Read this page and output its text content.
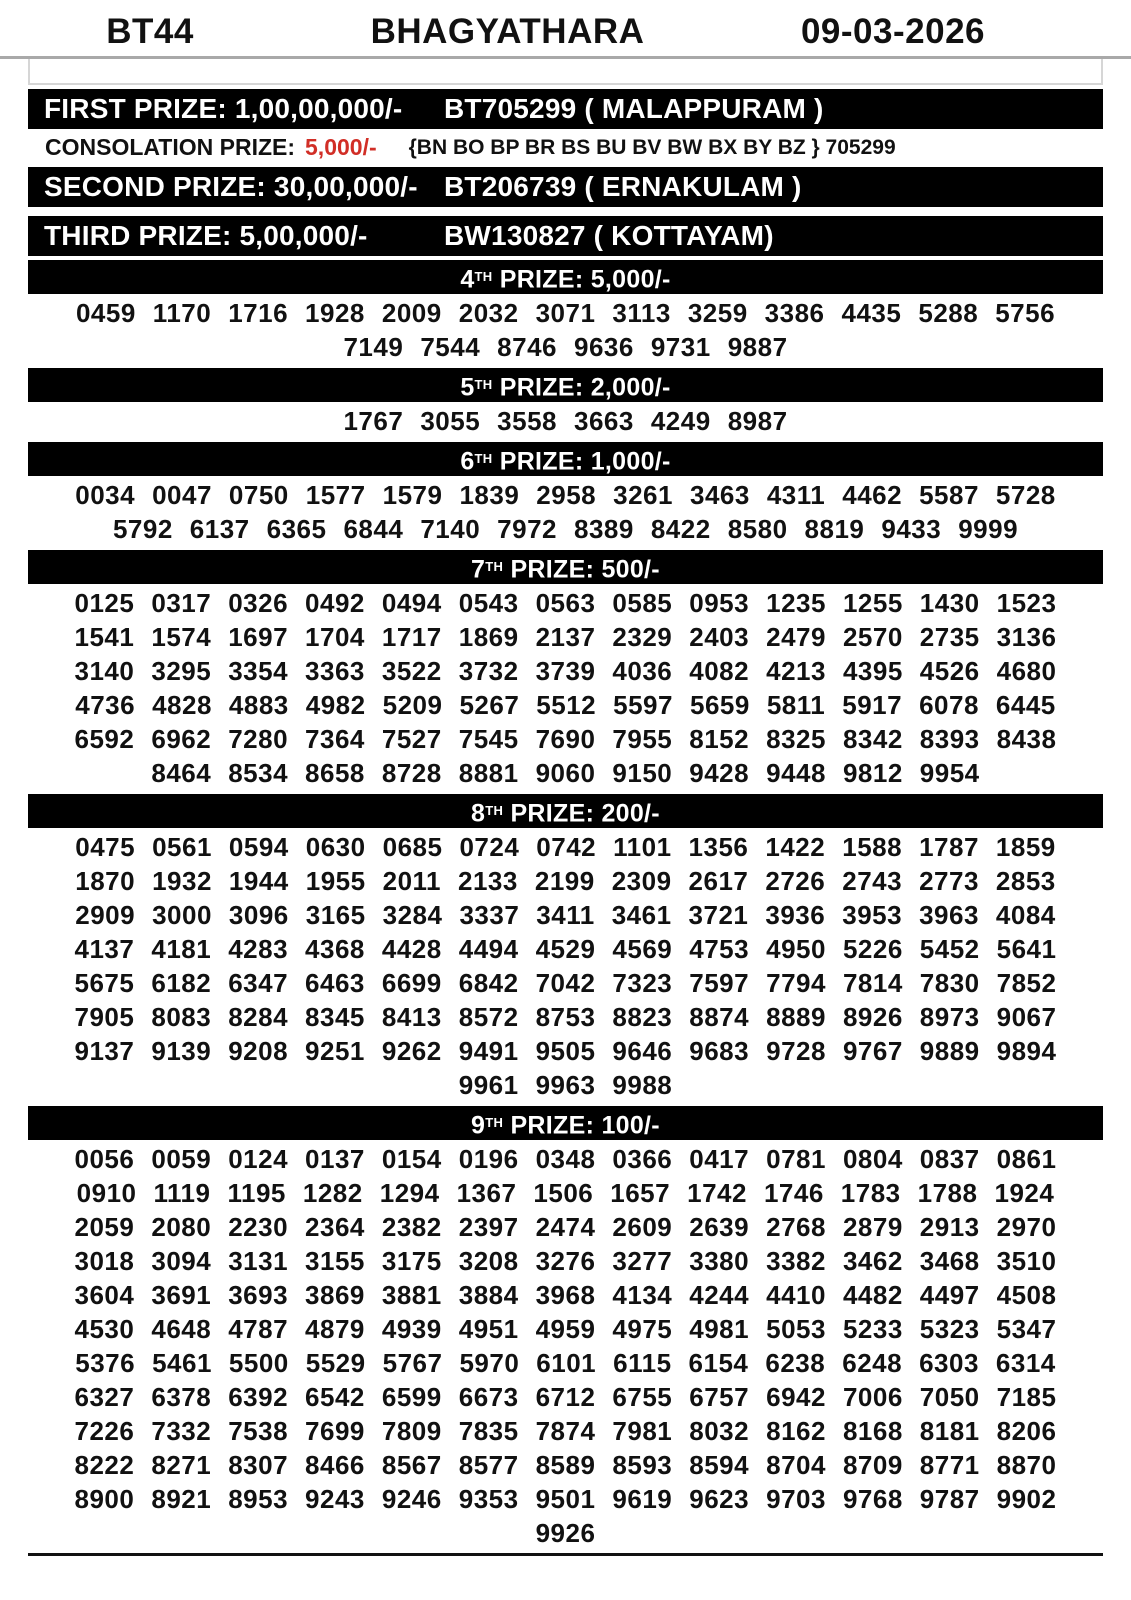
BT44	BHAGYATHARA	09-03-2026
FIRST PRIZE: 1,00,00,000/-	BT705299 ( MALAPPURAM )
CONSOLATION PRIZE: 5,000/- {BN BO BP BR BS BU BV BW BX BY BZ } 705299
SECOND PRIZE: 30,00,000/- BT206739 ( ERNAKULAM )
THIRD PRIZE: 5,00,000/-	BW130827 ( KOTTAYAM)
4TH PRIZE: 5,000/-
0459 1170 1716 1928 2009 2032 3071 3113 3259 3386 4435 5288 5756
7149 7544 8746 9636 9731 9887
5TH PRIZE: 2,000/-
1767 3055 3558 3663 4249 8987
6TH PRIZE: 1,000/-
0034 0047 0750 1577 1579 1839 2958 3261 3463 4311 4462 5587 5728
5792 6137 6365 6844 7140 7972 8389 8422 8580 8819 9433 9999
7TH PRIZE: 500/-
0125 0317 0326 0492 0494 0543 0563 0585 0953 1235 1255 1430 1523
1541 1574 1697 1704 1717 1869 2137 2329 2403 2479 2570 2735 3136
3140 3295 3354 3363 3522 3732 3739 4036 4082 4213 4395 4526 4680
4736 4828 4883 4982 5209 5267 5512 5597 5659 5811 5917 6078 6445
6592 6962 7280 7364 7527 7545 7690 7955 8152 8325 8342 8393 8438
8464 8534 8658 8728 8881 9060 9150 9428 9448 9812 9954
8TH PRIZE: 200/-
0475 0561 0594 0630 0685 0724 0742 1101 1356 1422 1588 1787 1859
1870 1932 1944 1955 2011 2133 2199 2309 2617 2726 2743 2773 2853
2909 3000 3096 3165 3284 3337 3411 3461 3721 3936 3953 3963 4084
4137 4181 4283 4368 4428 4494 4529 4569 4753 4950 5226 5452 5641
5675 6182 6347 6463 6699 6842 7042 7323 7597 7794 7814 7830 7852
7905 8083 8284 8345 8413 8572 8753 8823 8874 8889 8926 8973 9067
9137 9139 9208 9251 9262 9491 9505 9646 9683 9728 9767 9889 9894
9961 9963 9988
9TH PRIZE: 100/-
0056 0059 0124 0137 0154 0196 0348 0366 0417 0781 0804 0837 0861
0910 1119 1195 1282 1294 1367 1506 1657 1742 1746 1783 1788 1924
2059 2080 2230 2364 2382 2397 2474 2609 2639 2768 2879 2913 2970
3018 3094 3131 3155 3175 3208 3276 3277 3380 3382 3462 3468 3510
3604 3691 3693 3869 3881 3884 3968 4134 4244 4410 4482 4497 4508
4530 4648 4787 4879 4939 4951 4959 4975 4981 5053 5233 5323 5347
5376 5461 5500 5529 5767 5970 6101 6115 6154 6238 6248 6303 6314
6327 6378 6392 6542 6599 6673 6712 6755 6757 6942 7006 7050 7185
7226 7332 7538 7699 7809 7835 7874 7981 8032 8162 8168 8181 8206
8222 8271 8307 8466 8567 8577 8589 8593 8594 8704 8709 8771 8870
8900 8921 8953 9243 9246 9353 9501 9619 9623 9703 9768 9787 9902
9926
